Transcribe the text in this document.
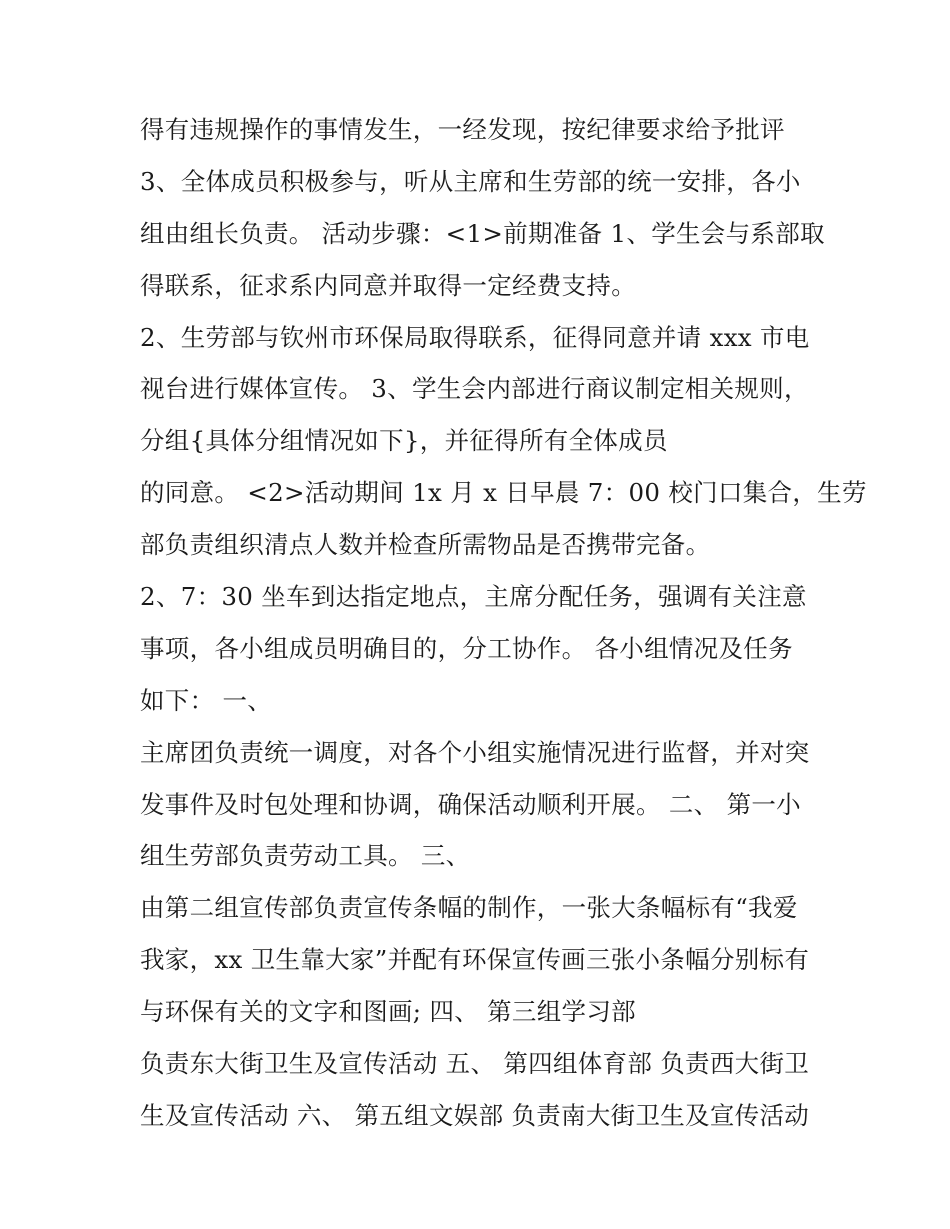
得有违规操作的事情发生，一经发现，按纪律要求给予批评
3、全体成员积极参与，听从主席和生劳部的统一安排，各小
组由组长负责。 活动步骤：<1>前期准备 1、学生会与系部取
得联系，征求系内同意并取得一定经费支持。
2、生劳部与钦州市环保局取得联系，征得同意并请 xxx 市电
视台进行媒体宣传。 3、学生会内部进行商议制定相关规则，
分组{具体分组情况如下}，并征得所有全体成员
的同意。 <2>活动期间 1x 月 x 日早晨 7：00 校门口集合，生劳
部负责组织清点人数并检查所需物品是否携带完备。
2、7：30 坐车到达指定地点，主席分配任务，强调有关注意
事项，各小组成员明确目的，分工协作。 各小组情况及任务
如下： 一、
主席团负责统一调度，对各个小组实施情况进行监督，并对突
发事件及时包处理和协调，确保活动顺利开展。 二、 第一小
组生劳部负责劳动工具。 三、
由第二组宣传部负责宣传条幅的制作，一张大条幅标有“我爱
我家，xx 卫生靠大家”并配有环保宣传画三张小条幅分别标有
与环保有关的文字和图画; 四、 第三组学习部
负责东大街卫生及宣传活动 五、 第四组体育部 负责西大街卫
生及宣传活动 六、 第五组文娱部 负责南大街卫生及宣传活动
